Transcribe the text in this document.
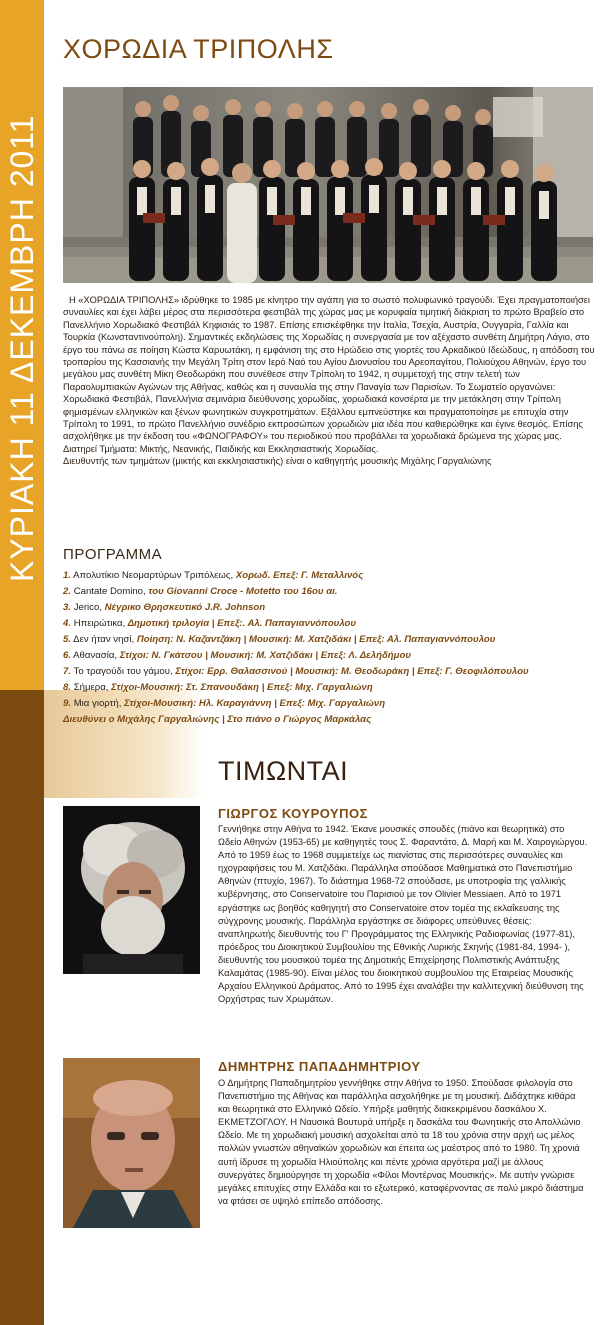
ΚΥΡΙΑΚΗ 11 ΔΕΚΕΜΒΡΗ 2011
ΧΟΡΩΔΙΑ ΤΡΙΠΟΛΗΣ

Η «ΧΟΡΩΔΙΑ ΤΡΙΠΟΛΗΣ» ιδρύθηκε το 1985 με κίνητρο την αγάπη για το σωστό πολυφωνικό τραγούδι. Έχει πραγματοποιήσει συναυλίες και έχει λάβει μέρος στα περισσότερα φεστιβάλ της χώρας μας με κορυφαία τιμητική διάκριση το πρώτο Βραβείο στο Πανελλήνιο Χορωδιακό Φεστιβάλ Κηφισιάς το 1987. Επίσης επισκέφθηκε την Ιταλία, Τσεχία, Αυστρία, Ουγγαρία, Γαλλία και Τουρκία (Κωνσταντινούπολη). Σημαντικές εκδηλώσεις της Χορωδίας η συνεργασία με τον αξέχαστο συνθέτη Δημήτρη Λάγιο, στο έργο του πάνω σε ποίηση Κώστα Καρυωτάκη, η εμφάνιση της στο Ηρώδειο στις γιορτές του Αρκαδικού Ιδεώδους, η απόδοση του τροπαρίου της Κασσιανής την Μεγάλη Τρίτη στον Ιερό Ναό του Αγίου Διονυσίου του Αρεοπαγίτου, Πολιούχου Αθηνών, έργο του μεγάλου μας συνθέτη Μίκη Θεοδωράκη που συνέθεσε στην Τρίπολη το 1942, η συμμετοχή της στην τελετή των Παραολυμπιακών Αγώνων της Αθήνας, καθώς και η συναυλία της στην Παναγία των Παρισίων. Το Σωματείο οργανώνει: Χορωδιακά Φεστιβάλ, Πανελλήνια σεμινάρια διεύθυνσης χορωδίας, χορωδιακά κονσέρτα με την μετάκληση στην Τρίπολη φημισμένων ελληνικών και ξένων φωνητικών συγκροτημάτων. Εξάλλου εμπνεύστηκε και πραγματοποίησε με επιτυχία στην Τρίπολη το 1991, το πρώτο Πανελλήνιο συνέδριο εκπροσώπων χορωδιών μια ιδέα που καθιερώθηκε και έγινε θεσμός. Επίσης ασχολήθηκε με την έκδοση του «ΦΩΝΟΓΡΑΦΟΥ» του περιοδικού που προβάλλει τα χορωδιακά δρώμενα της χώρας μας.

Διατηρεί Τμήματα: Μικτής, Νεανικής, Παιδικής και Εκκλησιαστικής Χορωδίας.

Διευθυντής των τμημάτων (μικτής και εκκλησιαστικής) είναι ο καθηγητής μουσικής Μιχάλης Γαργαλιώνης

ΠΡΟΓΡΑΜΜΑ
1. Απολυτίκιο Νεομαρτύρων Τριπόλεως, Χορωδ. Επεξ: Γ. Μεταλλινός
2. Cantate Domino, του Giovanni Croce - Motetto του 16ου αι.
3. Jerico, Νέγρικο Θρησκευτικό J.R. Johnson
4. Ηπειρώτικα, Δημοτική τριλογία | Επεξ:. Αλ. Παπαγιαννόπουλου
5. Δεν ήταν νησί, Ποίηση: Ν. Καζαντζάκη | Μουσική: Μ. Χατζιδάκι | Επεξ: Αλ. Παπαγιαννόπουλου
6. Αθανασία, Στίχοι: Ν. Γκάτσου | Μουσική: Μ. Χατζιδάκι | Επεξ: Λ. Δελήδήμου
7. Το τραγούδι του γάμου, Στίχοι: Ερρ. Θαλασσινού | Μουσική: Μ. Θεοδωράκη | Επεξ: Γ. Θεοφιλόπουλου
8. Σήμερα, Στίχοι-Μουσική: Στ. Σπανουδάκη | Επεξ: Μιχ. Γαργαλιώνη
9. Μια γιορτή, Στίχοι-Μουσική: Ηλ. Καραγιάννη | Επεξ: Μιχ. Γαργαλιώνη
Διευθύνει ο Μιχάλης Γαργαλιώνης | Στο πιάνο ο Γιώργος Μαρκάλας
ΤΙΜΩΝΤΑΙ
ΓΙΩΡΓΟΣ ΚΟΥΡΟΥΠΟΣ

Γεννήθηκε στην Αθήνα το 1942. Έκανε μουσικές σπουδές (πιάνο και θεωρητικά) στο Ωδείο Αθηνών (1953-65) με καθηγητές τους Σ. Φαραντάτο, Δ. Μαρή και Μ. Χαιρογιώργου. Από το 1959 έως το 1968 συμμετείχε ως πιανίστας στις περισσότερες συναυλίες και ηχογραφήσεις του Μ. Χατζιδάκι. Παράλληλα σπούδασε Μαθηματικά στο Πανεπιστήμιο Αθηνών (πτυχίο, 1967). Το διάστημα 1968-72 σπούδασε, με υποτροφία της γαλλικής κυβέρνησης, στο Conservatoire του Παρισιού με τον Olivier Messiaen. Από το 1971 εργάστηκε ως βοηθός καθηγητή στο Conservatoire στον τομέα της εκλαΐκευσης της σύγχρονης μουσικής. Παράλληλα εργάστηκε σε διάφορες υπεύθυνες θέσεις: αναπληρωτής διευθυντής του Γ' Προγράμματος της Ελληνικής Ραδιοφωνίας (1977-81), πρόεδρος του Διοικητικού Συμβουλίου της Εθνικής Λυρικής Σκηνής (1981-84, 1994- ), διευθυντής του μουσικού τομέα της Δημοτικής Επιχείρησης Πολιτιστικής Ανάπτυξης Καλαμάτας (1985-90). Είναι μέλος του διοικητικού συμβουλίου της Εταιρείας Μουσικής Αρχαίου Ελληνικού Δράματος. Από το 1995 έχει αναλάβει την καλλιτεχνική διεύθυνση της Ορχήστρας των Χρωμάτων.

ΔΗΜΗΤΡΗΣ ΠΑΠΑΔΗΜΗΤΡΙΟΥ

Ο Δημήτρης Παπαδημητρίου γεννήθηκε στην Αθήνα το 1950. Σπούδασε φιλολογία στο Πανεπιστήμιο της Αθήνας και παράλληλα ασχολήθηκε με τη μουσική. Διδάχτηκε κιθάρα και θεωρητικά στο Ελληνικό Ωδείο. Υπήρξε μαθητής διακεκριμένου δασκάλου Χ. ΕΚΜΕΤΖΟΓΛΟΥ. Η Ναυσικά Βουτυρά υπήρξε η δασκάλα του Φωνητικής στο Απολλώνιο Ωδείο. Με τη χορωδιακή μουσική ασχολείται από τα 18 του χρόνια στην αρχή ως μέλος πολλών γνωστών αθηναϊκών χορωδιών και έπειτα ως μαέστρος από το 1980. Τη χρονιά αυτή ίδρυσε τη χορωδία Ηλιούπολης και πέντε χρόνια αργότερα μαζί με άλλους συνεργάτες δημιούργησε τη χορωδία «Φίλοι Μοντέρνας Μουσικής». Με αυτήν γνώρισε μεγάλες επιτυχίες στην Ελλάδα και το εξωτερικό, καταφέρνοντας σε πολύ μικρό διάστημα να φτάσει σε υψηλό επίπεδο απόδοσης.
